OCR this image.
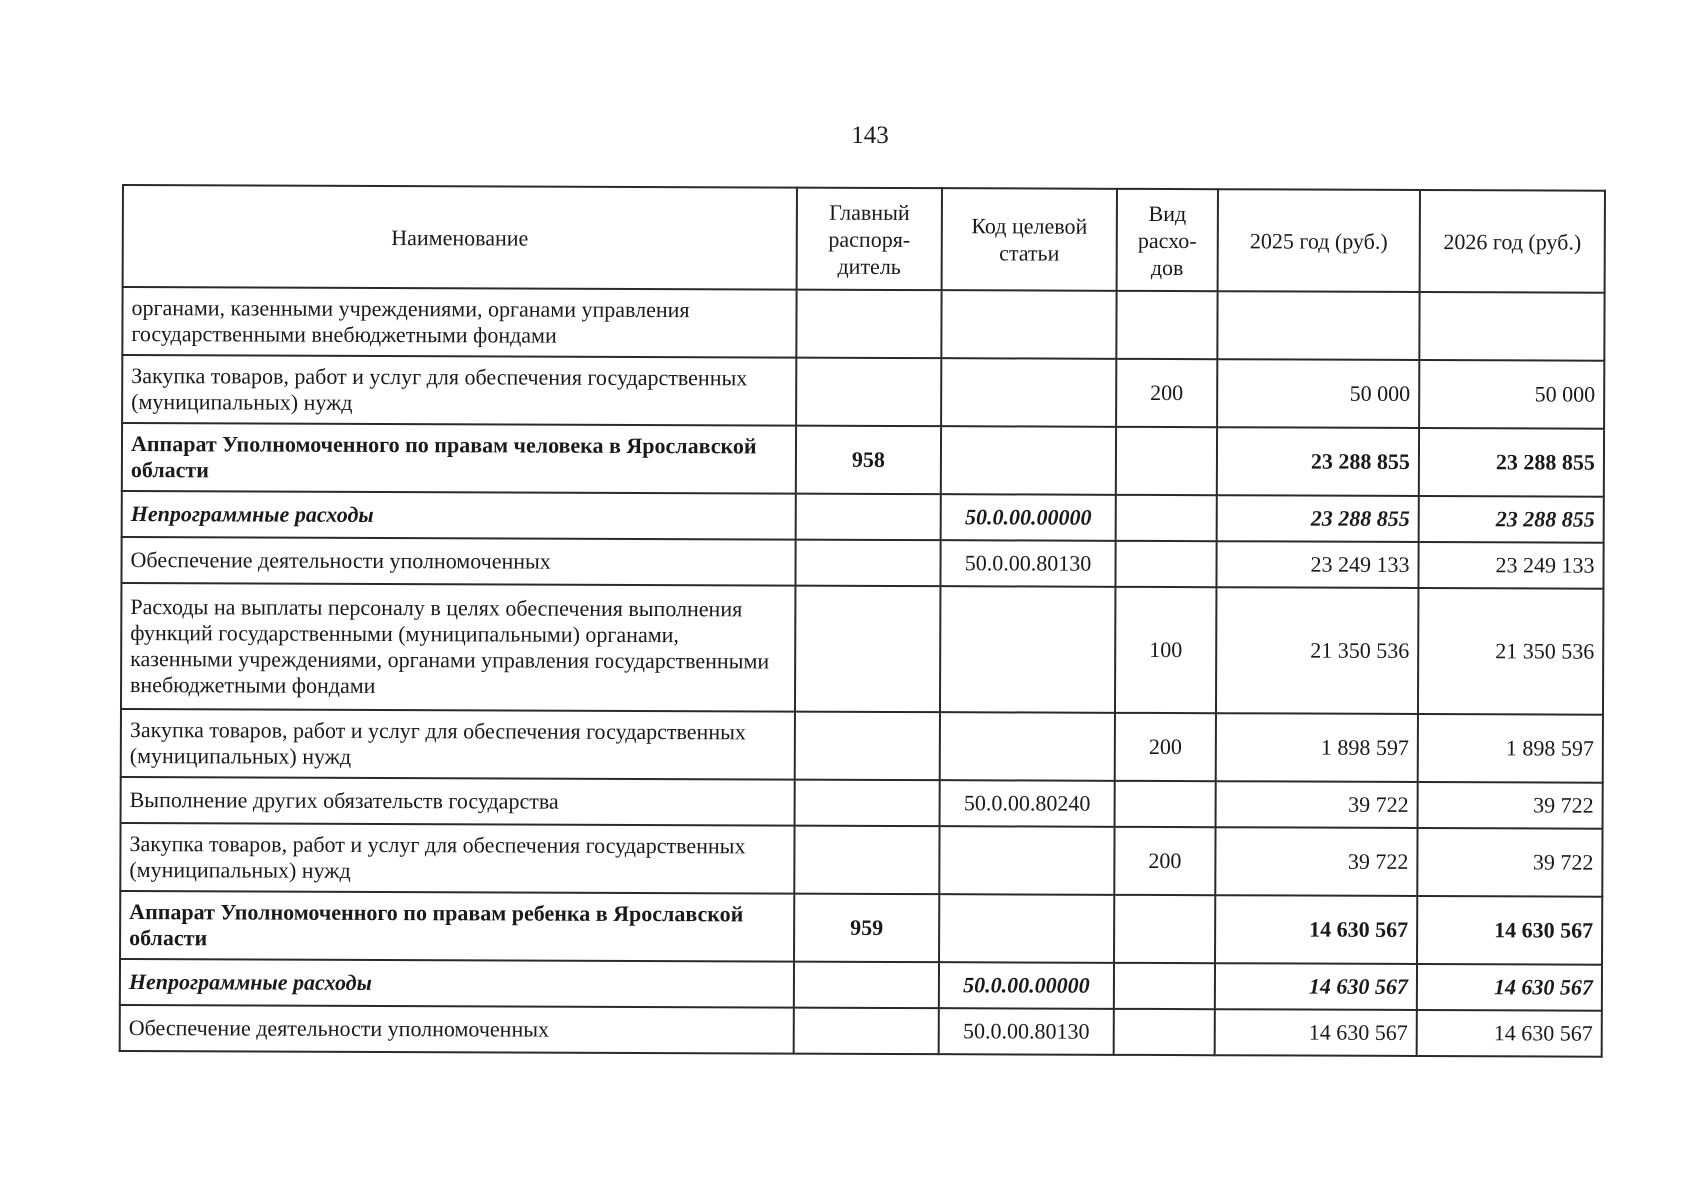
143
Наименование	Главный распоря-дитель	Код целевой статьи	Вид расхо-дов	2025 год (руб.)	2026 год (руб.)
органами, казенными учреждениями, органами управления государственными внебюджетными фондами					
Закупка товаров, работ и услуг для обеспечения государственных (муниципальных) нужд			200	50 000	50 000
Аппарат Уполномоченного по правам человека в Ярославской области	958			23 288 855	23 288 855
Непрограммные расходы		50.0.00.00000		23 288 855	23 288 855
Обеспечение деятельности уполномоченных		50.0.00.80130		23 249 133	23 249 133
Расходы на выплаты персоналу в целях обеспечения выполнения функций государственными (муниципальными) органами, казенными учреждениями, органами управления государственными внебюджетными фондами			100	21 350 536	21 350 536
Закупка товаров, работ и услуг для обеспечения государственных (муниципальных) нужд			200	1 898 597	1 898 597
Выполнение других обязательств государства		50.0.00.80240		39 722	39 722
Закупка товаров, работ и услуг для обеспечения государственных (муниципальных) нужд			200	39 722	39 722
Аппарат Уполномоченного по правам ребенка в Ярославской области	959			14 630 567	14 630 567
Непрограммные расходы		50.0.00.00000		14 630 567	14 630 567
Обеспечение деятельности уполномоченных		50.0.00.80130		14 630 567	14 630 567
